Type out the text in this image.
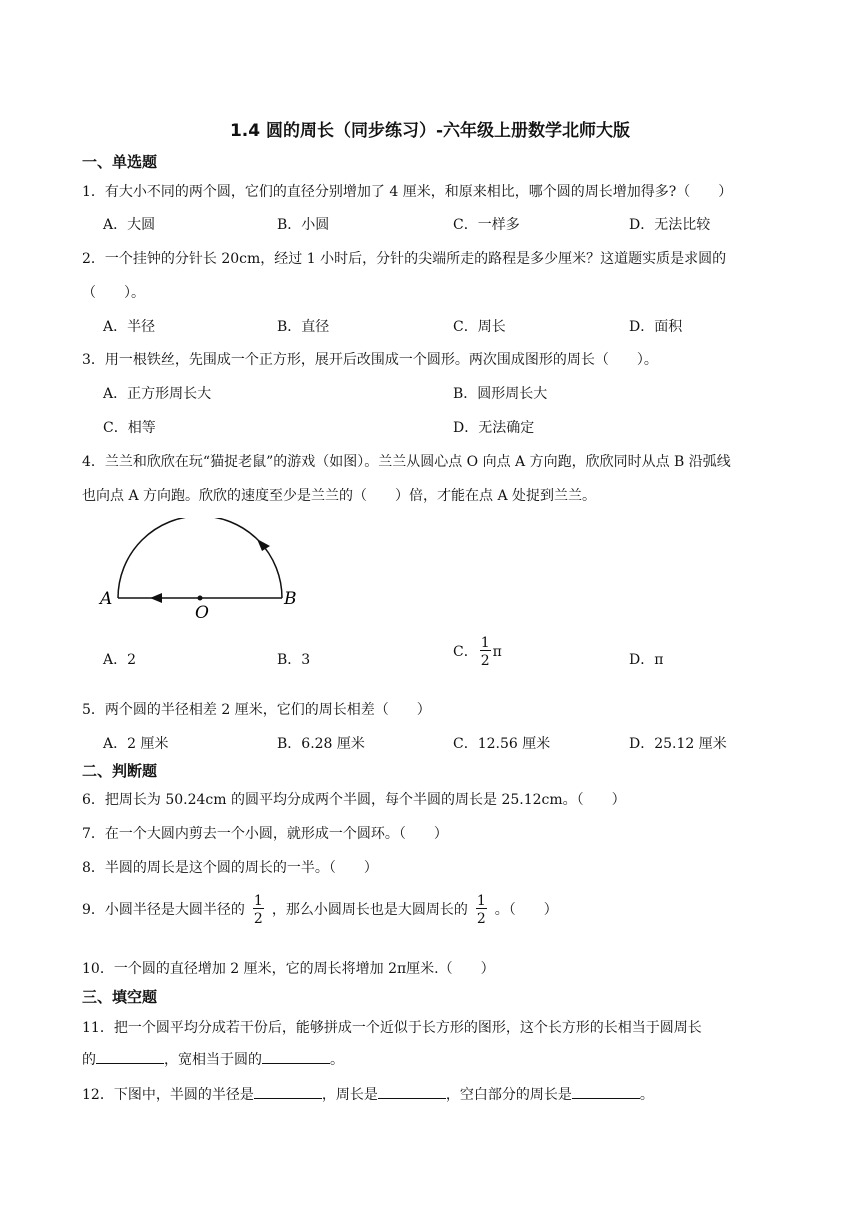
1.4 圆的周长（同步练习）-六年级上册数学北师大版
一、单选题
1．有大小不同的两个圆，它们的直径分别增加了 4 厘米，和原来相比，哪个圆的周长增加得多?（　　）
A．大圆	B．小圆	C．一样多	D．无法比较
2．一个挂钟的分针长 20cm，经过 1 小时后，分针的尖端所走的路程是多少厘米？这道题实质是求圆的
（　　）。
A．半径	B．直径	C．周长	D．面积
3．用一根铁丝，先围成一个正方形，展开后改围成一个圆形。两次围成图形的周长（　　）。
A．正方形周长大	B．圆形周长大
C．相等	D．无法确定
4．兰兰和欣欣在玩“猫捉老鼠”的游戏（如图）。兰兰从圆心点 O 向点 A 方向跑，欣欣同时从点 B 沿弧线
也向点 A 方向跑。欣欣的速度至少是兰兰的（　　）倍，才能在点 A 处捉到兰兰。
A
O
B
A．2	B．3	C． $\frac{1}{2}$ π	D．π
5．两个圆的半径相差 2 厘米，它们的周长相差（　　）
A．2 厘米	B．6.28 厘米	C．12.56 厘米	D．25.12 厘米
二、判断题
6．把周长为 50.24cm 的圆平均分成两个半圆，每个半圆的周长是 25.12cm。（　　）
7．在一个大圆内剪去一个小圆，就形成一个圆环。（　　）
8．半圆的周长是这个圆的周长的一半。（　　）
9．小圆半径是大圆半径的 $\frac{1}{2}$ ，那么小圆周长也是大圆周长的 $\frac{1}{2}$ 。（　　）
10．一个圆的直径增加 2 厘米，它的周长将增加 2π厘米.（　　）
三、填空题
11．把一个圆平均分成若干份后，能够拼成一个近似于长方形的图形，这个长方形的长相当于圆周长
的	，宽相当于圆的	。
12．下图中，半圆的半径是	，周长是	，空白部分的周长是	。
